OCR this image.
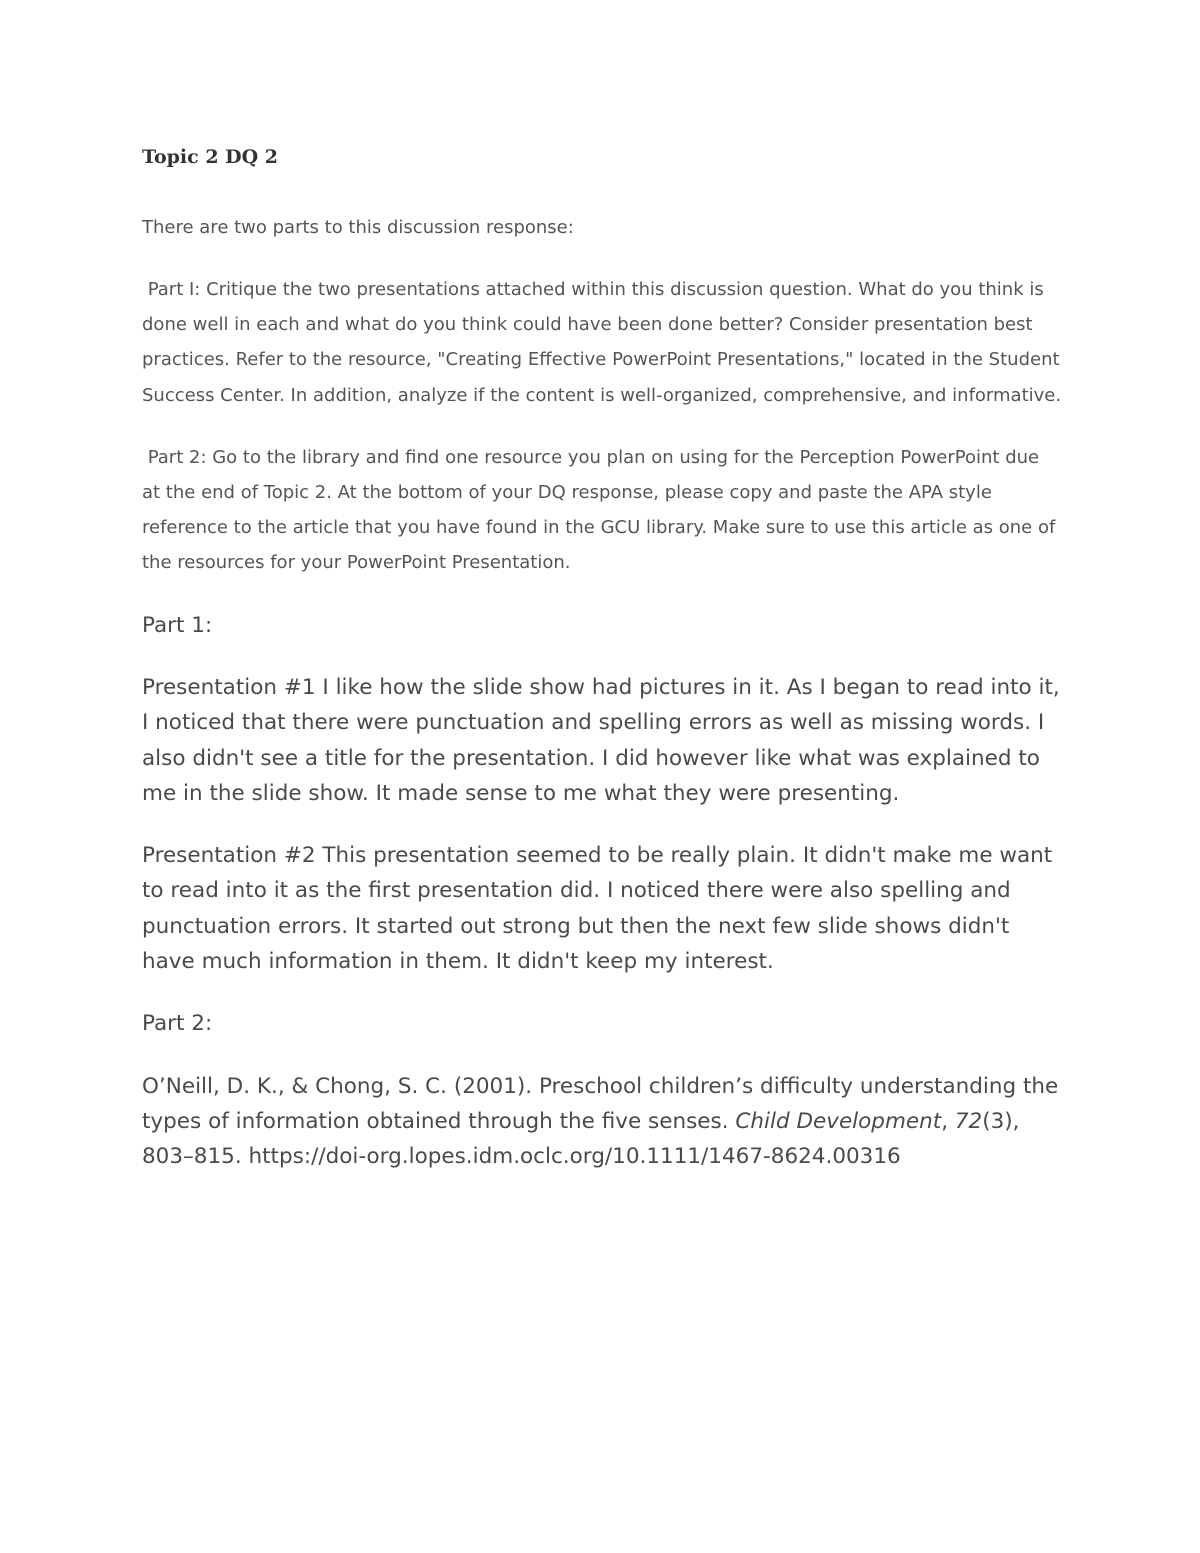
Topic 2 DQ 2

There are two parts to this discussion response:

Part I: Critique the two presentations attached within this discussion question. What do you think is done well in each and what do you think could have been done better? Consider presentation best practices. Refer to the resource, "Creating Effective PowerPoint Presentations," located in the Student Success Center. In addition, analyze if the content is well-organized, comprehensive, and informative.

Part 2: Go to the library and find one resource you plan on using for the Perception PowerPoint due at the end of Topic 2. At the bottom of your DQ response, please copy and paste the APA style reference to the article that you have found in the GCU library. Make sure to use this article as one of the resources for your PowerPoint Presentation.

Part 1:

Presentation #1 I like how the slide show had pictures in it. As I began to read into it, I noticed that there were punctuation and spelling errors as well as missing words. I also didn't see a title for the presentation. I did however like what was explained to me in the slide show. It made sense to me what they were presenting.

Presentation #2 This presentation seemed to be really plain. It didn't make me want to read into it as the first presentation did. I noticed there were also spelling and punctuation errors. It started out strong but then the next few slide shows didn't have much information in them. It didn't keep my interest.

Part 2:

O’Neill, D. K., & Chong, S. C. (2001). Preschool children’s difficulty understanding the types of information obtained through the five senses. Child Development, 72(3), 803–815. https://doi-org.lopes.idm.oclc.org/10.1111/1467-8624.00316
